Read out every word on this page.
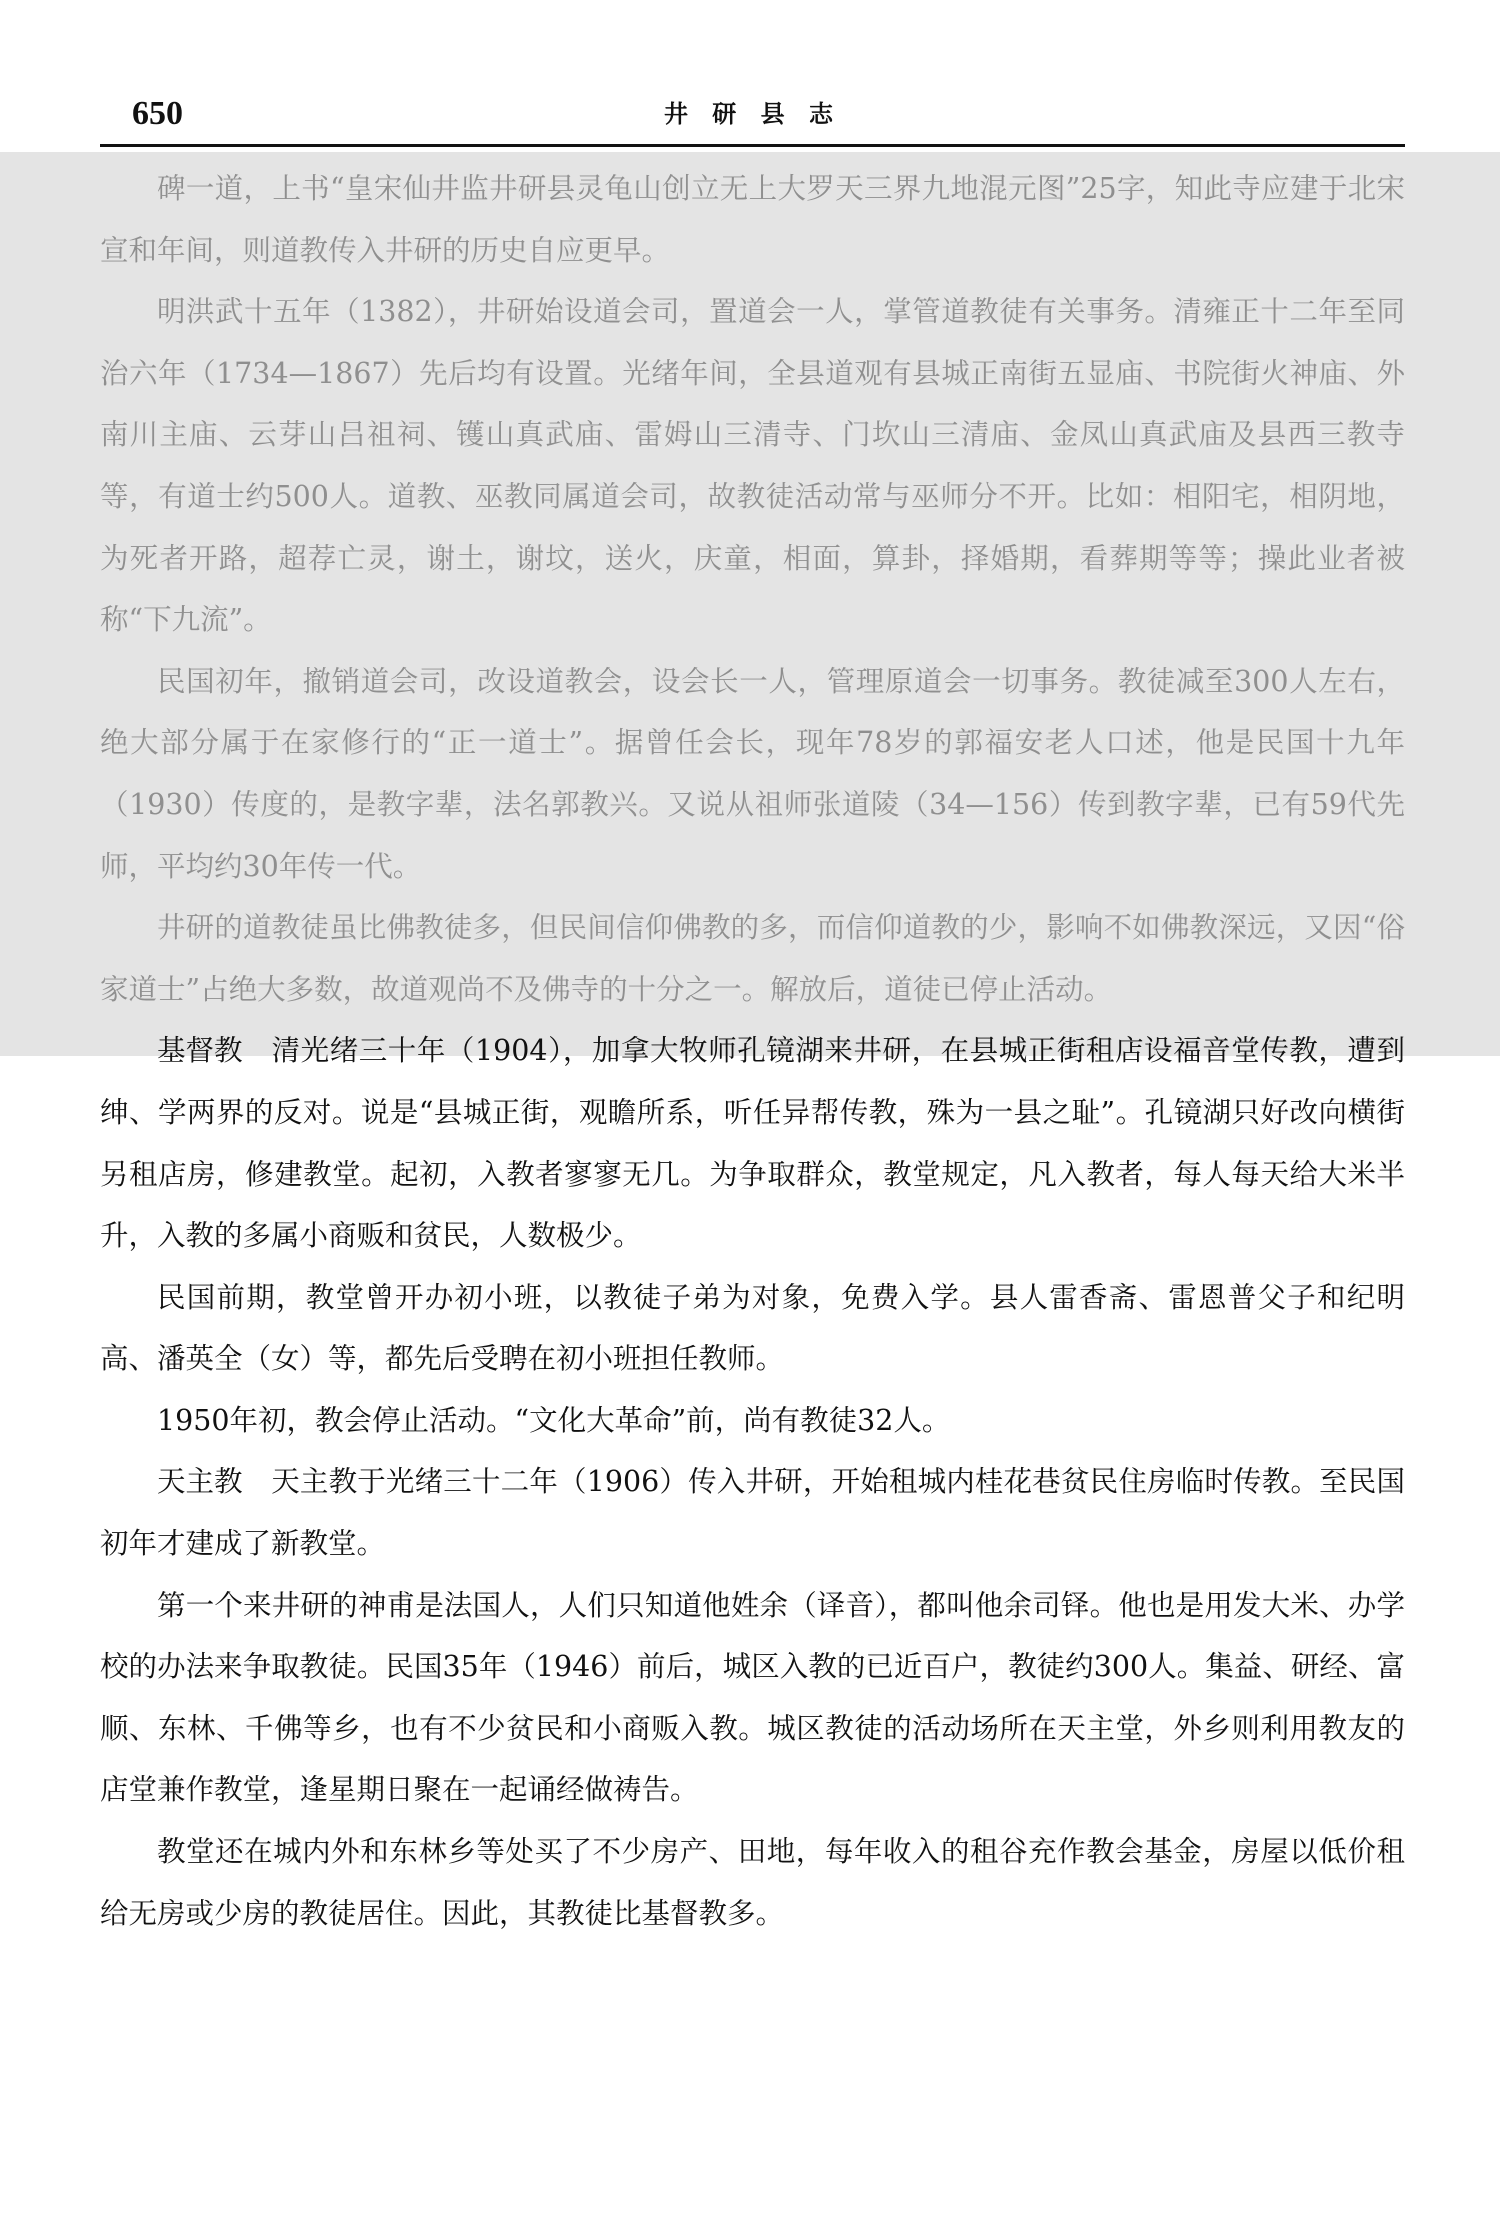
650	井 研 县 志

碑一道，上书“皇宋仙井监井研县灵龟山创立无上大罗天三界九地混元图”25字，知此寺应建于北宋宣和年间，则道教传入井研的历史自应更早。

明洪武十五年（1382），井研始设道会司，置道会一人，掌管道教徒有关事务。清雍正十二年至同治六年（1734—1867）先后均有设置。光绪年间，全县道观有县城正南街五显庙、书院街火神庙、外南川主庙、云芽山吕祖祠、镬山真武庙、雷姆山三清寺、门坎山三清庙、金凤山真武庙及县西三教寺等，有道士约500人。道教、巫教同属道会司，故教徒活动常与巫师分不开。比如：相阳宅，相阴地，为死者开路，超荐亡灵，谢土，谢坟，送火，庆童，相面，算卦，择婚期，看葬期等等；操此业者被称“下九流”。

民国初年，撤销道会司，改设道教会，设会长一人，管理原道会一切事务。教徒减至300人左右，绝大部分属于在家修行的“正一道士”。据曾任会长，现年78岁的郭福安老人口述，他是民国十九年（1930）传度的，是教字辈，法名郭教兴。又说从祖师张道陵（34—156）传到教字辈，已有59代先师，平均约30年传一代。

井研的道教徒虽比佛教徒多，但民间信仰佛教的多，而信仰道教的少，影响不如佛教深远，又因“俗家道士”占绝大多数，故道观尚不及佛寺的十分之一。解放后，道徒已停止活动。

基督教 清光绪三十年（1904），加拿大牧师孔镜湖来井研，在县城正街租店设福音堂传教，遭到绅、学两界的反对。说是“县城正街，观瞻所系，听任异帮传教，殊为一县之耻”。孔镜湖只好改向横街另租店房，修建教堂。起初，入教者寥寥无几。为争取群众，教堂规定，凡入教者，每人每天给大米半升，入教的多属小商贩和贫民，人数极少。

民国前期，教堂曾开办初小班，以教徒子弟为对象，免费入学。县人雷香斋、雷恩普父子和纪明高、潘英全（女）等，都先后受聘在初小班担任教师。

1950年初，教会停止活动。“文化大革命”前，尚有教徒32人。

天主教 天主教于光绪三十二年（1906）传入井研，开始租城内桂花巷贫民住房临时传教。至民国初年才建成了新教堂。

第一个来井研的神甫是法国人，人们只知道他姓余（译音），都叫他余司铎。他也是用发大米、办学校的办法来争取教徒。民国35年（1946）前后，城区入教的已近百户，教徒约300人。集益、研经、富顺、东林、千佛等乡，也有不少贫民和小商贩入教。城区教徒的活动场所在天主堂，外乡则利用教友的店堂兼作教堂，逢星期日聚在一起诵经做祷告。

教堂还在城内外和东林乡等处买了不少房产、田地，每年收入的租谷充作教会基金，房屋以低价租给无房或少房的教徒居住。因此，其教徒比基督教多。
